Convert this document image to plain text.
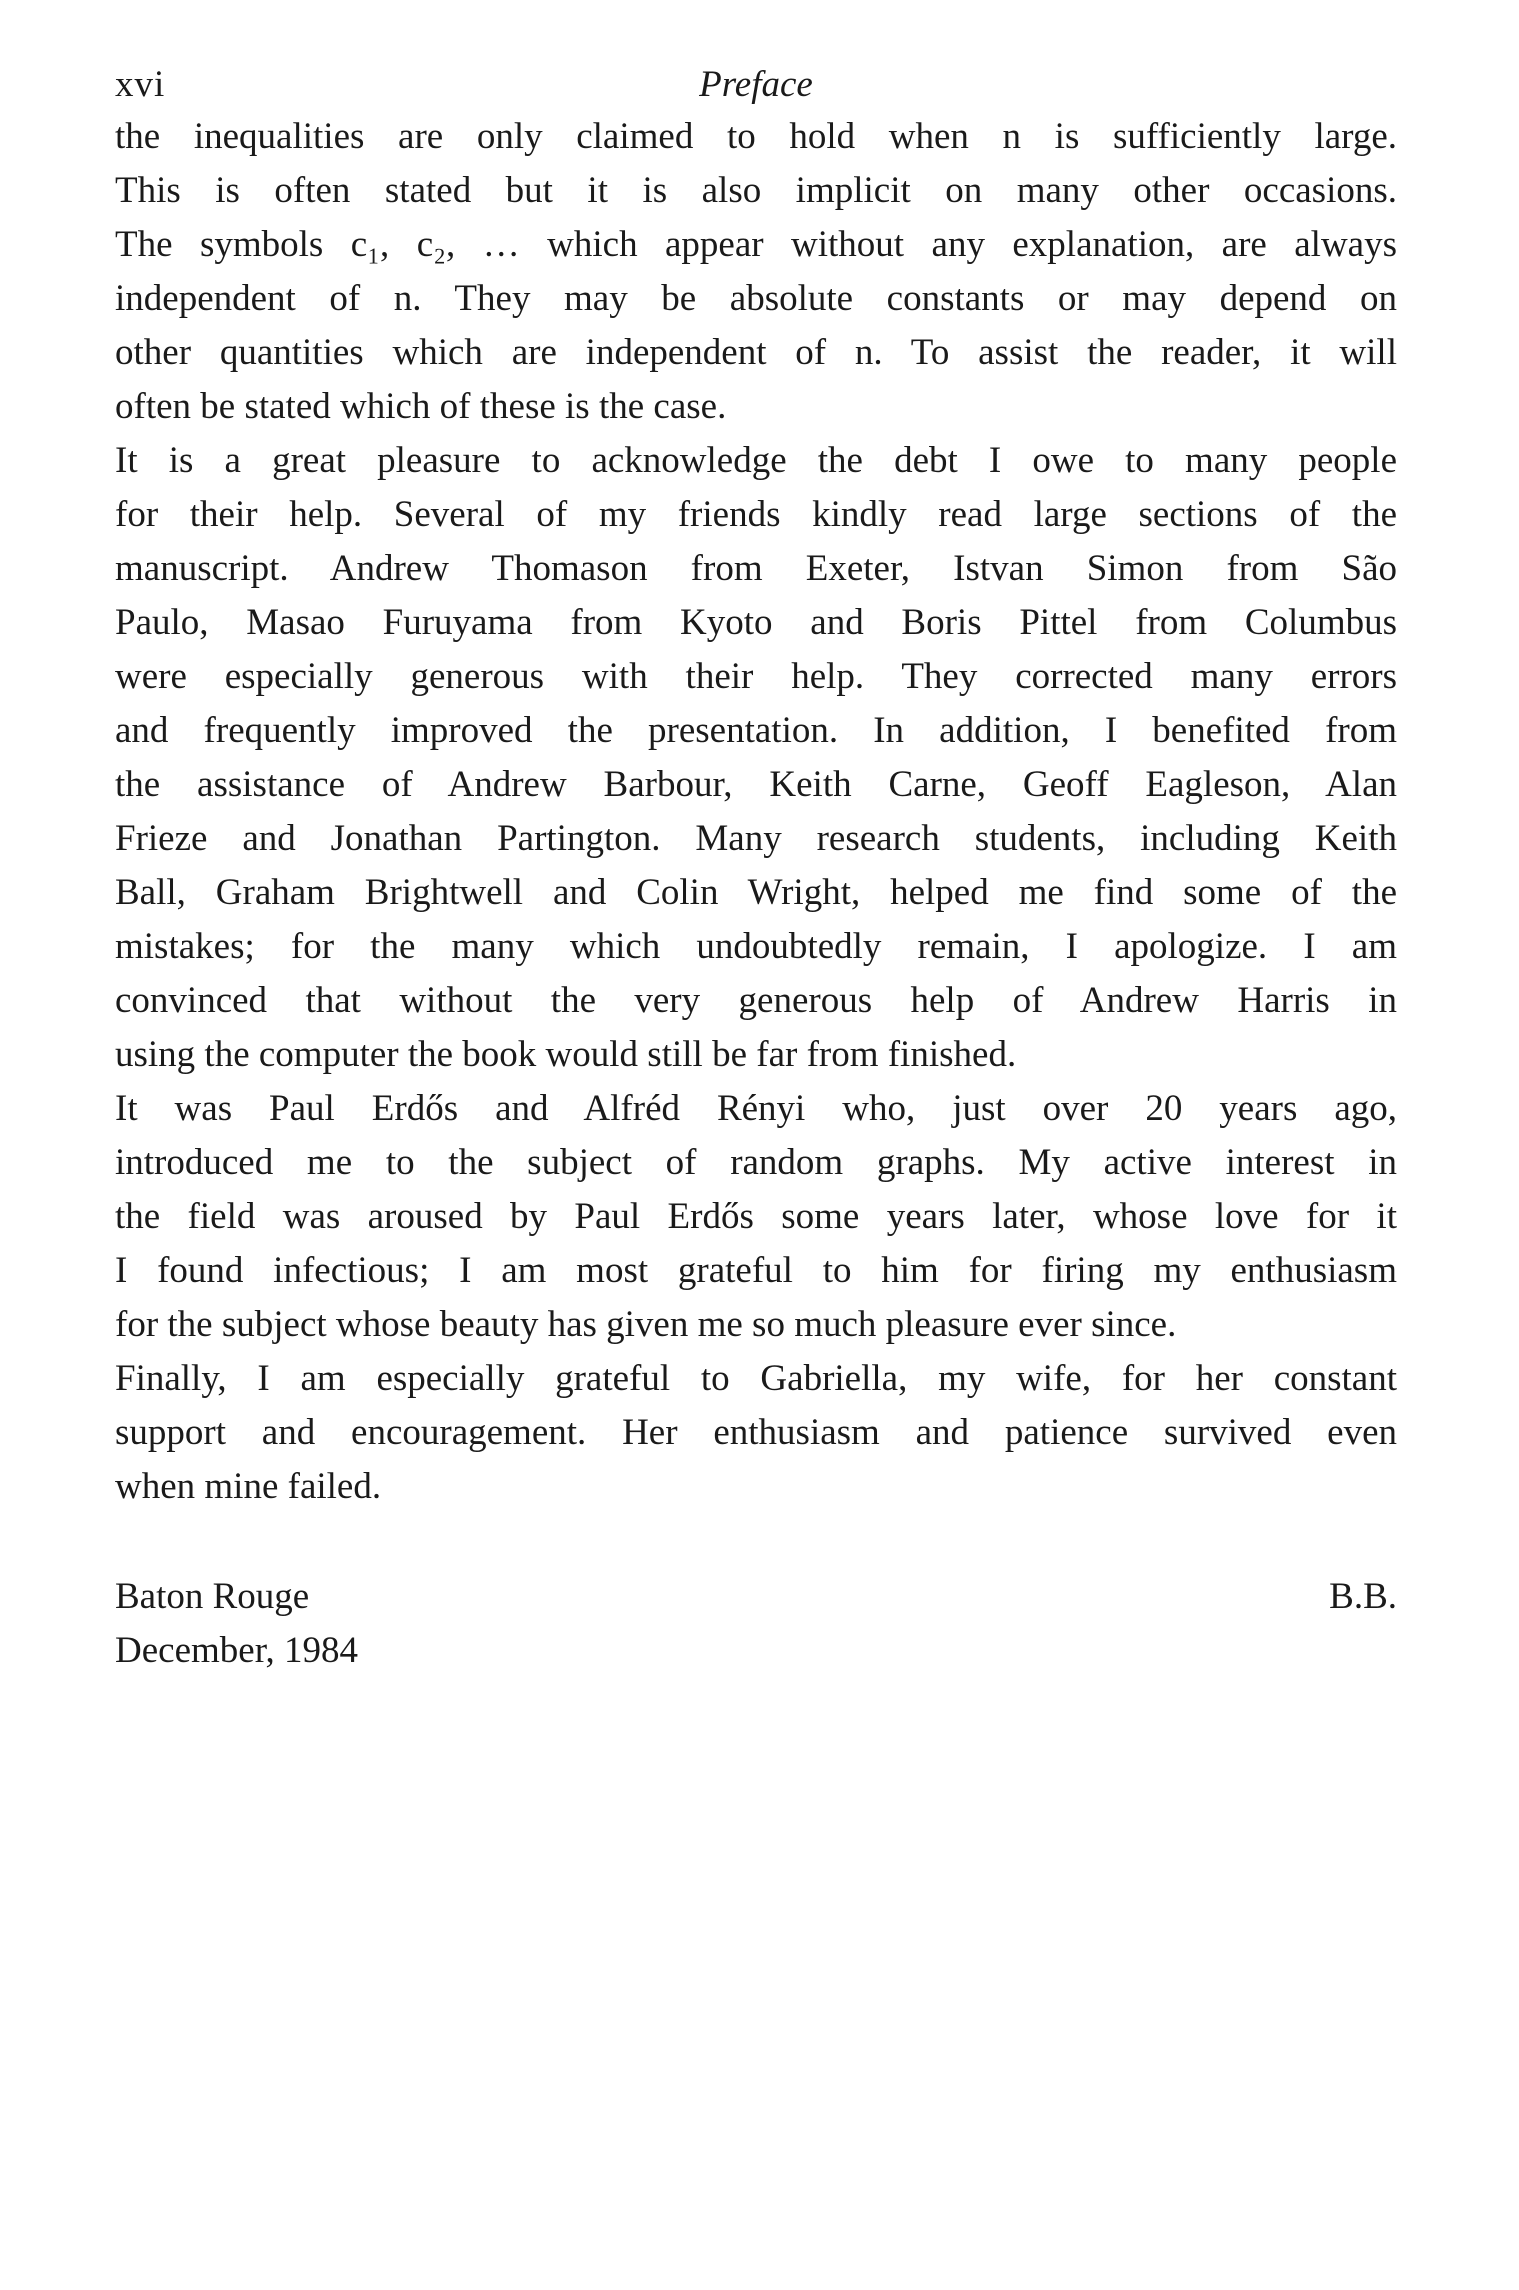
xvi	Preface
the inequalities are only claimed to hold when n is sufficiently large.
This is often stated but it is also implicit on many other occasions.
The symbols c₁, c₂, … which appear without any explanation, are always
independent of n. They may be absolute constants or may depend on
other quantities which are independent of n. To assist the reader, it will
often be stated which of these is the case.
It is a great pleasure to acknowledge the debt I owe to many people
for their help. Several of my friends kindly read large sections of the
manuscript. Andrew Thomason from Exeter, Istvan Simon from São
Paulo, Masao Furuyama from Kyoto and Boris Pittel from Columbus
were especially generous with their help. They corrected many errors
and frequently improved the presentation. In addition, I benefited from
the assistance of Andrew Barbour, Keith Carne, Geoff Eagleson, Alan
Frieze and Jonathan Partington. Many research students, including Keith
Ball, Graham Brightwell and Colin Wright, helped me find some of the
mistakes; for the many which undoubtedly remain, I apologize. I am
convinced that without the very generous help of Andrew Harris in
using the computer the book would still be far from finished.
It was Paul Erdős and Alfréd Rényi who, just over 20 years ago,
introduced me to the subject of random graphs. My active interest in
the field was aroused by Paul Erdős some years later, whose love for it
I found infectious; I am most grateful to him for firing my enthusiasm
for the subject whose beauty has given me so much pleasure ever since.
Finally, I am especially grateful to Gabriella, my wife, for her constant
support and encouragement. Her enthusiasm and patience survived even
when mine failed.
Baton Rouge
December, 1984
B.B.
